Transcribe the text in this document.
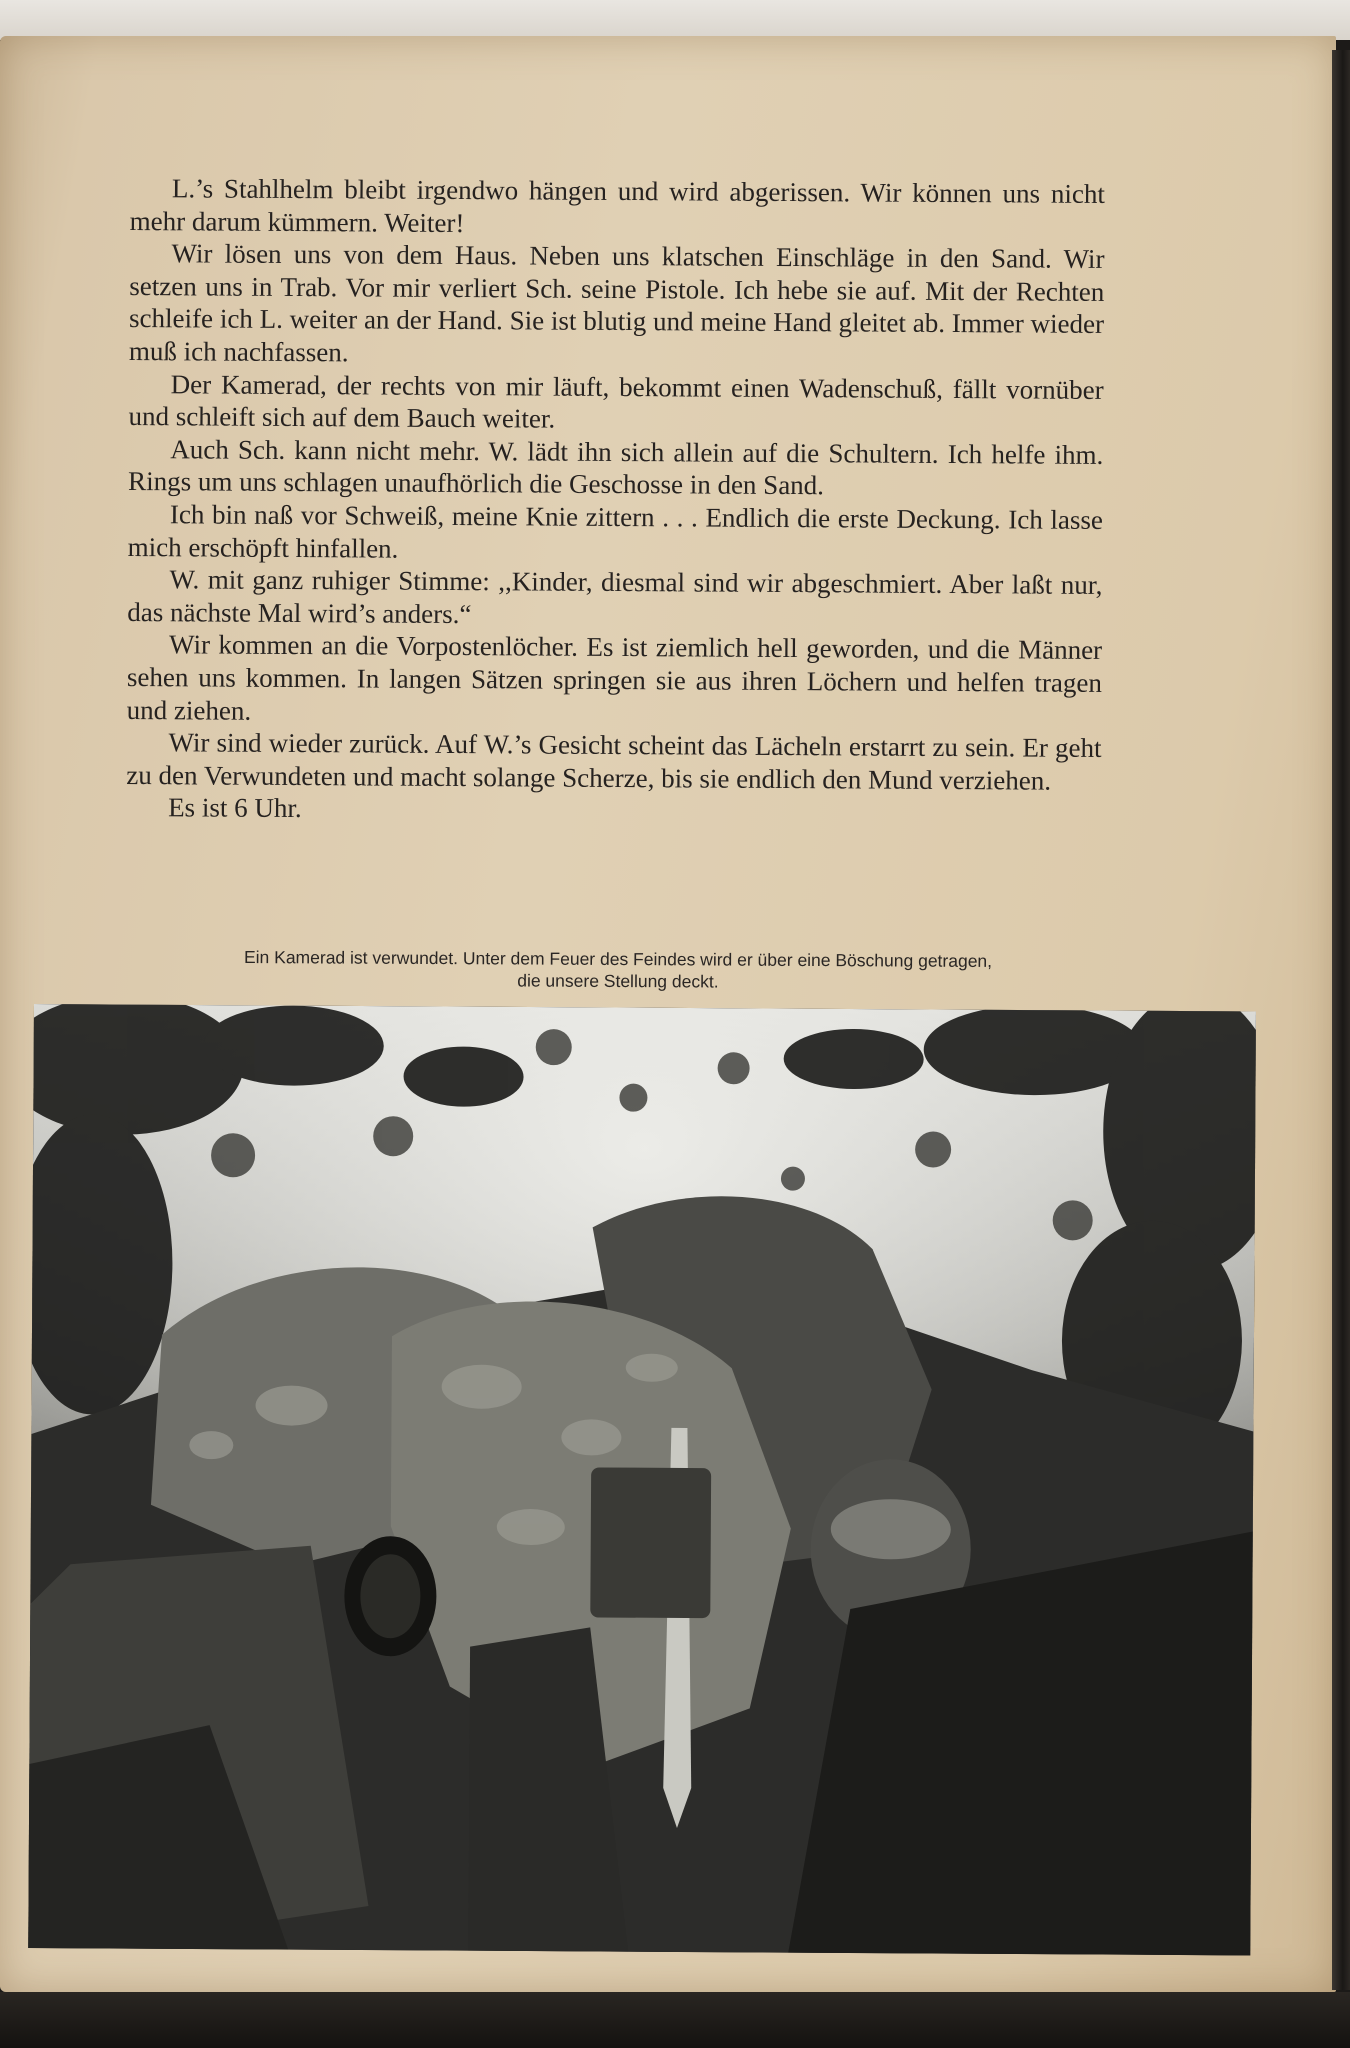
L.’s Stahlhelm bleibt irgendwo hängen und wird abgerissen. Wir können uns nicht mehr darum kümmern. Weiter!

Wir lösen uns von dem Haus. Neben uns klatschen Einschläge in den Sand. Wir setzen uns in Trab. Vor mir verliert Sch. seine Pistole. Ich hebe sie auf. Mit der Rechten schleife ich L. weiter an der Hand. Sie ist blutig und meine Hand gleitet ab. Immer wieder muß ich nachfassen.

Der Kamerad, der rechts von mir läuft, bekommt einen Wadenschuß, fällt vornüber und schleift sich auf dem Bauch weiter.

Auch Sch. kann nicht mehr. W. lädt ihn sich allein auf die Schultern. Ich helfe ihm. Rings um uns schlagen unaufhörlich die Geschosse in den Sand.

Ich bin naß vor Schweiß, meine Knie zittern . . . Endlich die erste Deckung. Ich lasse mich erschöpft hinfallen.

W. mit ganz ruhiger Stimme: ,,Kinder, diesmal sind wir abgeschmiert. Aber laßt nur, das nächste Mal wird’s anders.“

Wir kommen an die Vorpostenlöcher. Es ist ziemlich hell geworden, und die Männer sehen uns kommen. In langen Sätzen springen sie aus ihren Löchern und helfen tragen und ziehen.

Wir sind wieder zurück. Auf W.’s Gesicht scheint das Lächeln erstarrt zu sein. Er geht zu den Verwundeten und macht solange Scherze, bis sie endlich den Mund verziehen.

Es ist 6 Uhr.

Ein Kamerad ist verwundet. Unter dem Feuer des Feindes wird er über eine Böschung getragen,
die unsere Stellung deckt.
